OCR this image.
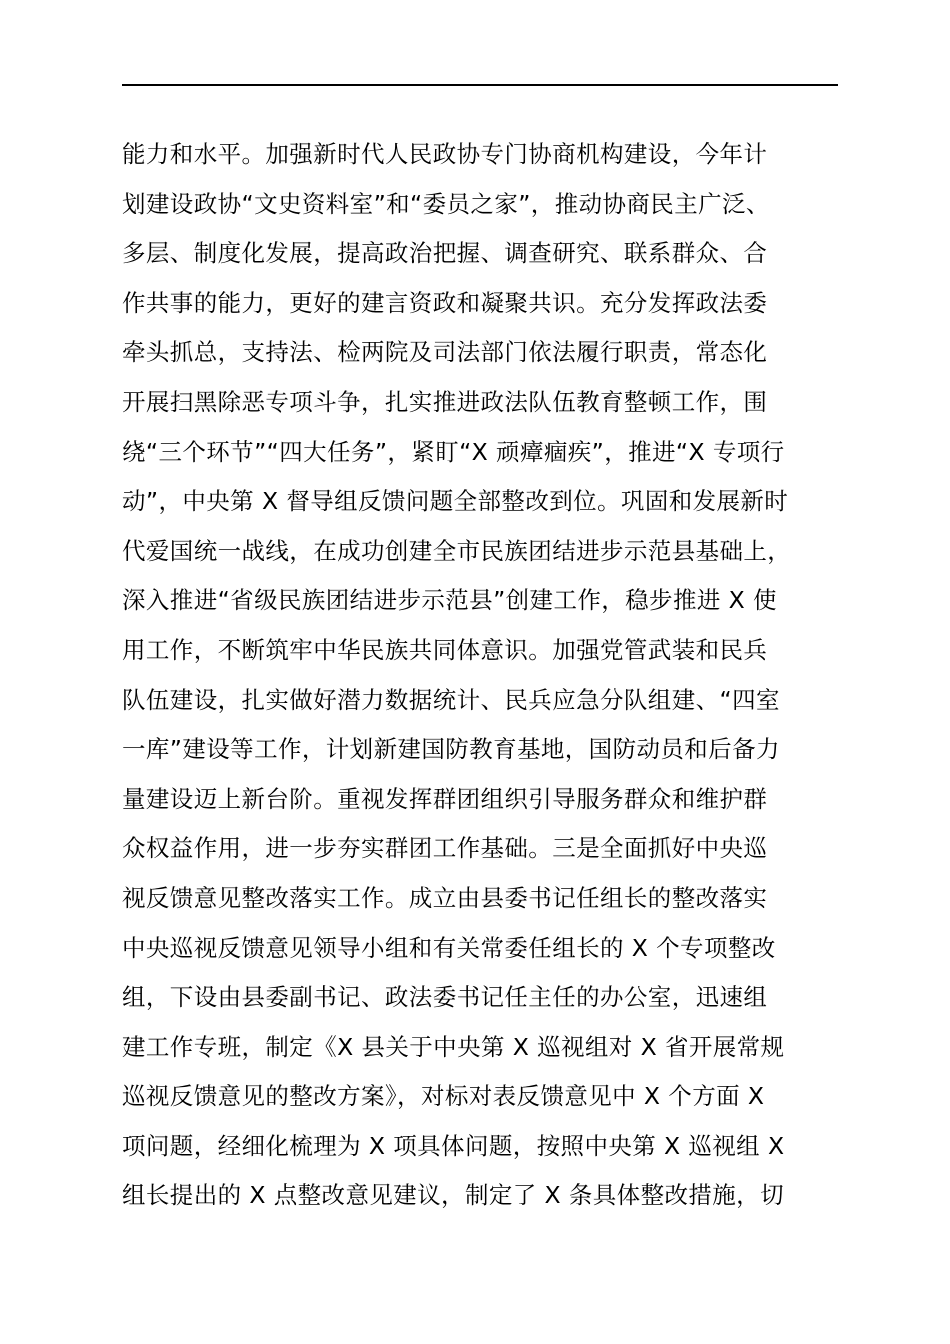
能力和水平。加强新时代人民政协专门协商机构建设，今年计
划建设政协“文史资料室”和“委员之家”，推动协商民主广泛、
多层、制度化发展，提高政治把握、调查研究、联系群众、合
作共事的能力，更好的建言资政和凝聚共识。充分发挥政法委
牵头抓总，支持法、检两院及司法部门依法履行职责，常态化
开展扫黑除恶专项斗争，扎实推进政法队伍教育整顿工作，围
绕“三个环节”“四大任务”，紧盯“X 顽瘴痼疾”，推进“X 专项行
动”，中央第 X 督导组反馈问题全部整改到位。巩固和发展新时
代爱国统一战线，在成功创建全市民族团结进步示范县基础上，
深入推进“省级民族团结进步示范县”创建工作，稳步推进 X 使
用工作，不断筑牢中华民族共同体意识。加强党管武装和民兵
队伍建设，扎实做好潜力数据统计、民兵应急分队组建、“四室
一库”建设等工作，计划新建国防教育基地，国防动员和后备力
量建设迈上新台阶。重视发挥群团组织引导服务群众和维护群
众权益作用，进一步夯实群团工作基础。三是全面抓好中央巡
视反馈意见整改落实工作。成立由县委书记任组长的整改落实
中央巡视反馈意见领导小组和有关常委任组长的 X 个专项整改
组，下设由县委副书记、政法委书记任主任的办公室，迅速组
建工作专班，制定《X 县关于中央第 X 巡视组对 X 省开展常规
巡视反馈意见的整改方案》，对标对表反馈意见中 X 个方面 X
项问题，经细化梳理为 X 项具体问题，按照中央第 X 巡视组 X
组长提出的 X 点整改意见建议，制定了 X 条具体整改措施，切
